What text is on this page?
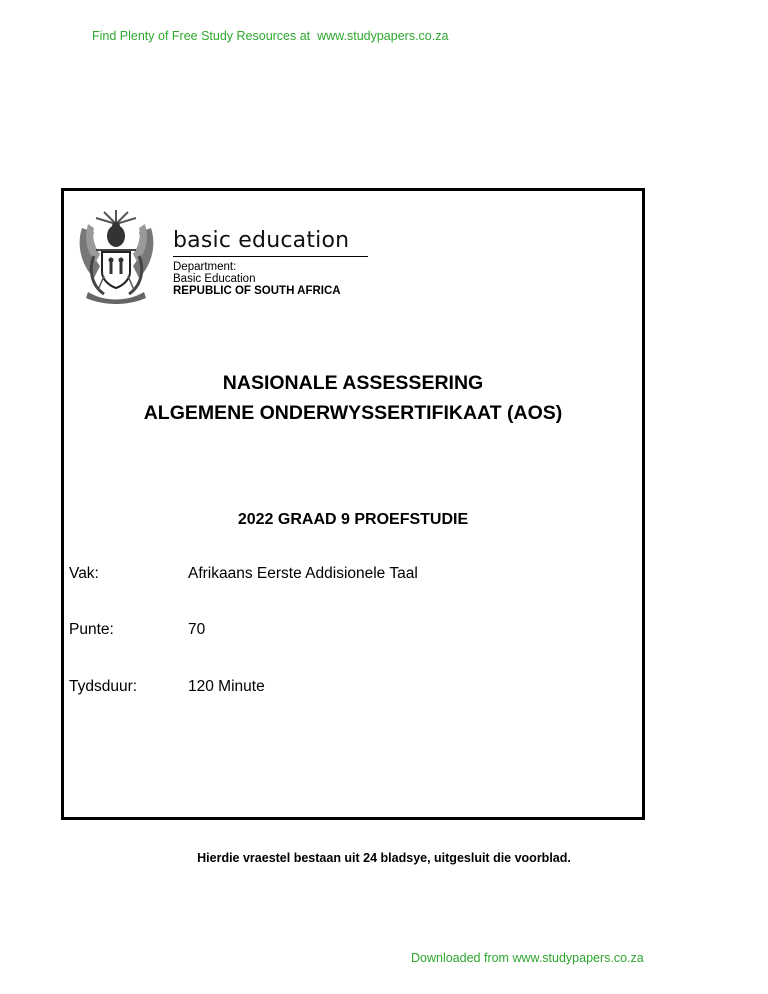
Find Plenty of Free Study Resources at  www.studypapers.co.za
basic education
Department:
Basic Education
REPUBLIC OF SOUTH AFRICA
NASIONALE ASSESSERING
ALGEMENE ONDERWYSSERTIFIKAAT (AOS)
2022 GRAAD 9 PROEFSTUDIE
Vak:	Afrikaans Eerste Addisionele Taal
Punte:	70
Tydsduur:	120 Minute
Hierdie vraestel bestaan uit 24 bladsye, uitgesluit die voorblad.
Downloaded from www.studypapers.co.za
